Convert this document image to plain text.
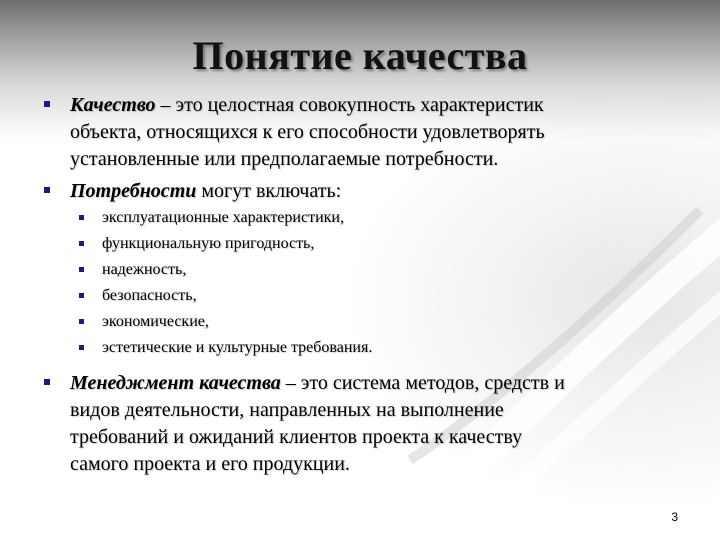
Понятие качества

Качество – это целостная совокупность характеристик
объекта, относящихся к его способности удовлетворять
установленные или предполагаемые потребности.

Потребности могут включать:

эксплуатационные характеристики,
функциональную пригодность,
надежность,
безопасность,
экономические,
эстетические и культурные требования.

Менеджмент качества – это система методов, средств и
видов деятельности, направленных на выполнение
требований и ожиданий клиентов проекта к качеству
самого проекта и его продукции.

3
